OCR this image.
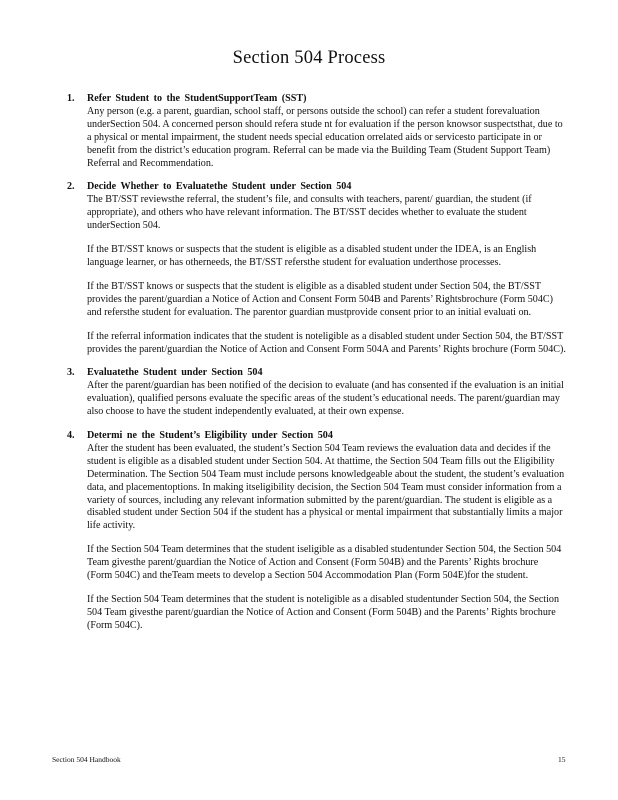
Section 504 Process
1. Refer Student to the StudentSupportTeam (SST)

Any person (e.g. a parent, guardian, school staff, or persons outside the school) can refer a student forevaluation underSection 504. A concerned person should refera stude nt for evaluation if the person knowsor suspectsthat, due to a physical or mental impairment, the student needs special education orrelated aids or servicesto participate in or benefit from the district’s education program. Referral can be made via the Building Team (Student Support Team) Referral and Recommendation.

2. Decide Whether to Evaluatethe Student under Section 504

The BT/SST reviewsthe referral, the student’s file, and consults with teachers, parent/ guardian, the student (if appropriate), and others who have relevant information. The BT/SST decides whether to evaluate the student underSection 504.

If the BT/SST knows or suspects that the student is eligible as a disabled student under the IDEA, is an English language learner, or has otherneeds, the BT/SST refersthe student for evaluation underthose processes.

If the BT/SST knows or suspects that the student is eligible as a disabled student under Section 504, the BT/SST provides the parent/guardian a Notice of Action and Consent Form 504B and Parents’ Rightsbrochure (Form 504C) and refersthe student for evaluation. The parentor guardian mustprovide consent prior to an initial evaluati on.

If the referral information indicates that the student is noteligible as a disabled student under Section 504, the BT/SST provides the parent/guardian the Notice of Action and Consent Form 504A and Parents’ Rights brochure (Form 504C).

3. Evaluatethe Student under Section 504

After the parent/guardian has been notified of the decision to evaluate (and has consented if the evaluation is an initial evaluation), qualified persons evaluate the specific areas of the student’s educational needs. The parent/guardian may also choose to have the student independently evaluated, at their own expense.

4. Determi ne the Student’s Eligibility under Section 504

After the student has been evaluated, the student’s Section 504 Team reviews the evaluation data and decides if the student is eligible as a disabled student under Section 504. At thattime, the Section 504 Team fills out the Eligibility Determination. The Section 504 Team must include persons knowledgeable about the student, the student’s evaluation data, and placementoptions. In making itseligibility decision, the Section 504 Team must consider information from a variety of sources, including any relevant information submitted by the parent/guardian. The student is eligible as a disabled student under Section 504 if the student has a physical or mental impairment that substantially limits a major life activity.

If the Section 504 Team determines that the student iseligible as a disabled studentunder Section 504, the Section 504 Team givesthe parent/guardian the Notice of Action and Consent (Form 504B) and the Parents’ Rights brochure (Form 504C) and theTeam meets to develop a Section 504 Accommodation Plan (Form 504E)for the student.

If the Section 504 Team determines that the student is noteligible as a disabled studentunder Section 504, the Section 504 Team givesthe parent/guardian the Notice of Action and Consent (Form 504B) and the Parents’ Rights brochure (Form 504C).

Section 504 Handbook	15
